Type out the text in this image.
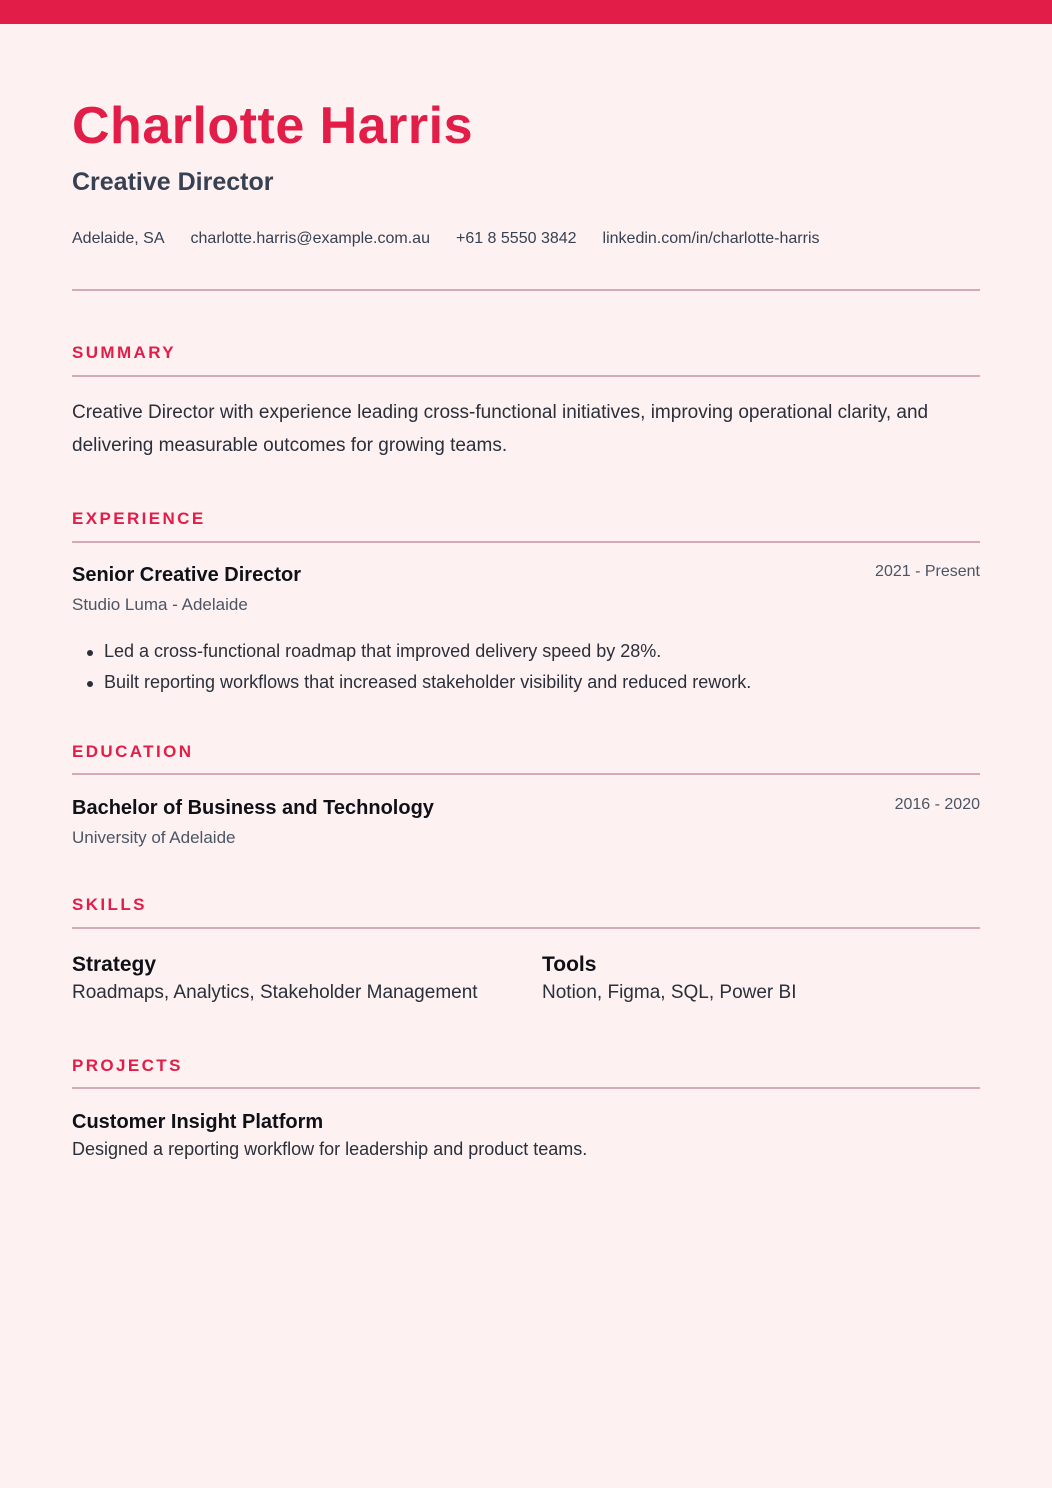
Charlotte Harris
Creative Director
Adelaide, SA charlotte.harris@example.com.au +61 8 5550 3842 linkedin.com/in/charlotte-harris
SUMMARY

Creative Director with experience leading cross-functional initiatives, improving operational clarity, and delivering measurable outcomes for growing teams.

EXPERIENCE
Senior Creative Director	2021 - Present
Studio Luma - Adelaide
Led a cross-functional roadmap that improved delivery speed by 28%.
Built reporting workflows that increased stakeholder visibility and reduced rework.
EDUCATION
Bachelor of Business and Technology	2016 - 2020
University of Adelaide
SKILLS
Strategy
Roadmaps, Analytics, Stakeholder Management
Tools
Notion, Figma, SQL, Power BI
PROJECTS
Customer Insight Platform
Designed a reporting workflow for leadership and product teams.
